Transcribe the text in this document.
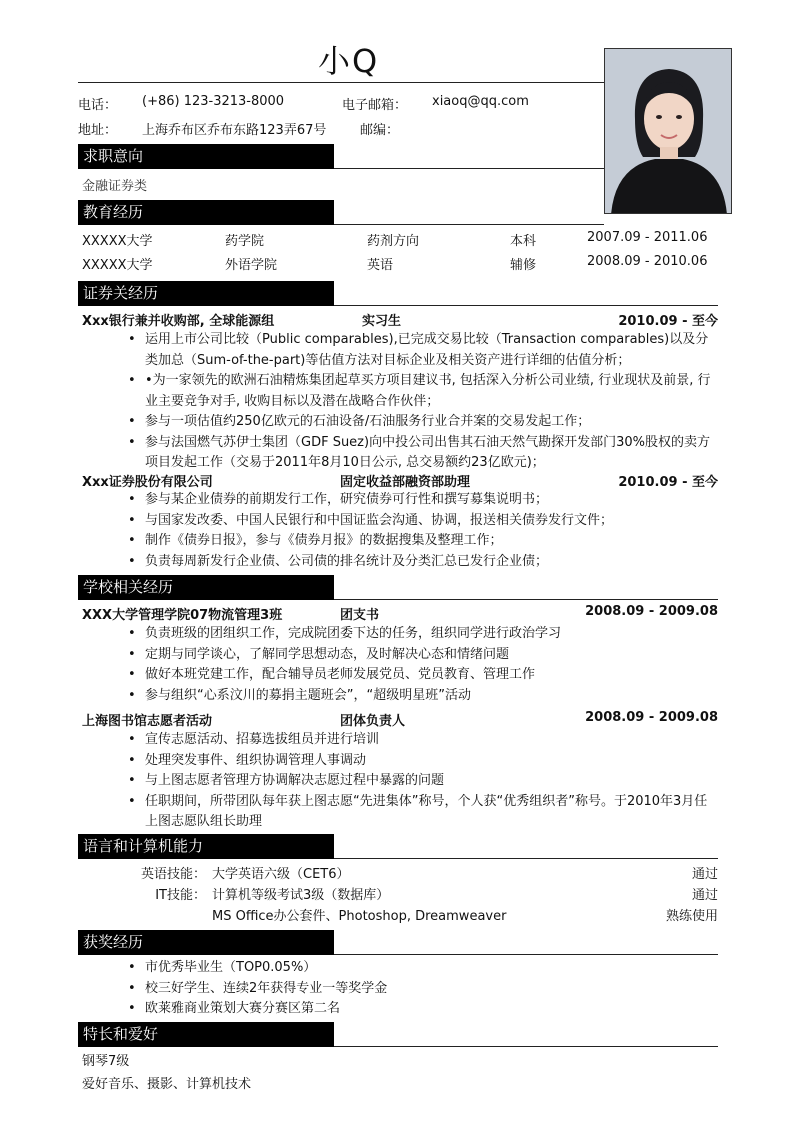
小Q
电话： (+86) 123-3213-8000	电子邮箱： xiaoq@qq.com
地址： 上海乔布区乔布东路123弄67号	邮编：
求职意向
金融证券类
教育经历
XXXXX大学	药学院	药剂方向	本科	2007.09 - 2011.06
XXXXX大学	外语学院	英语	辅修	2008.09 - 2010.06
证券关经历
Xxx银行兼并收购部, 全球能源组	实习生	2010.09 - 至今
• 运用上市公司比较（Public comparables),已完成交易比较（Transaction comparables)以及分类加总（Sum-of-the-part)等估值方法对目标企业及相关资产进行详细的估值分析；
• •为一家领先的欧洲石油精炼集团起草买方项目建议书, 包括深入分析公司业绩, 行业现状及前景, 行业主要竞争对手, 收购目标以及潜在战略合作伙伴；
• 参与一项估值约250亿欧元的石油设备/石油服务行业合并案的交易发起工作；
• 参与法国燃气苏伊士集团（GDF Suez)向中投公司出售其石油天然气勘探开发部门30%股权的卖方项目发起工作（交易于2011年8月10日公示, 总交易额约23亿欧元)；
Xxx证券股份有限公司	固定收益部融资部助理	2010.09 - 至今
• 参与某企业债券的前期发行工作，研究债券可行性和撰写募集说明书；
• 与国家发改委、中国人民银行和中国证监会沟通、协调，报送相关债券发行文件；
• 制作《债券日报》，参与《债券月报》的数据搜集及整理工作；
• 负责每周新发行企业债、公司债的排名统计及分类汇总已发行企业债；
学校相关经历
XXX大学管理学院07物流管理3班	团支书	2008.09 - 2009.08
• 负责班级的团组织工作，完成院团委下达的任务，组织同学进行政治学习
• 定期与同学谈心，了解同学思想动态，及时解决心态和情绪问题
• 做好本班党建工作，配合辅导员老师发展党员、党员教育、管理工作
• 参与组织“心系汶川的募捐主题班会”，“超级明星班”活动
上海图书馆志愿者活动	团体负责人	2008.09 - 2009.08
• 宣传志愿活动、招募选拔组员并进行培训
• 处理突发事件、组织协调管理人事调动
• 与上图志愿者管理方协调解决志愿过程中暴露的问题
• 任职期间，所带团队每年获上图志愿“先进集体”称号，个人获“优秀组织者”称号。于2010年3月任上图志愿队组长助理
语言和计算机能力
英语技能： 大学英语六级（CET6）	通过
IT技能： 计算机等级考试3级（数据库）	通过
MS Office办公套件、Photoshop, Dreamweaver	熟练使用
获奖经历
• 市优秀毕业生（TOP0.05%）
• 校三好学生、连续2年获得专业一等奖学金
• 欧莱雅商业策划大赛分赛区第二名
特长和爱好
钢琴7级
爱好音乐、摄影、计算机技术
